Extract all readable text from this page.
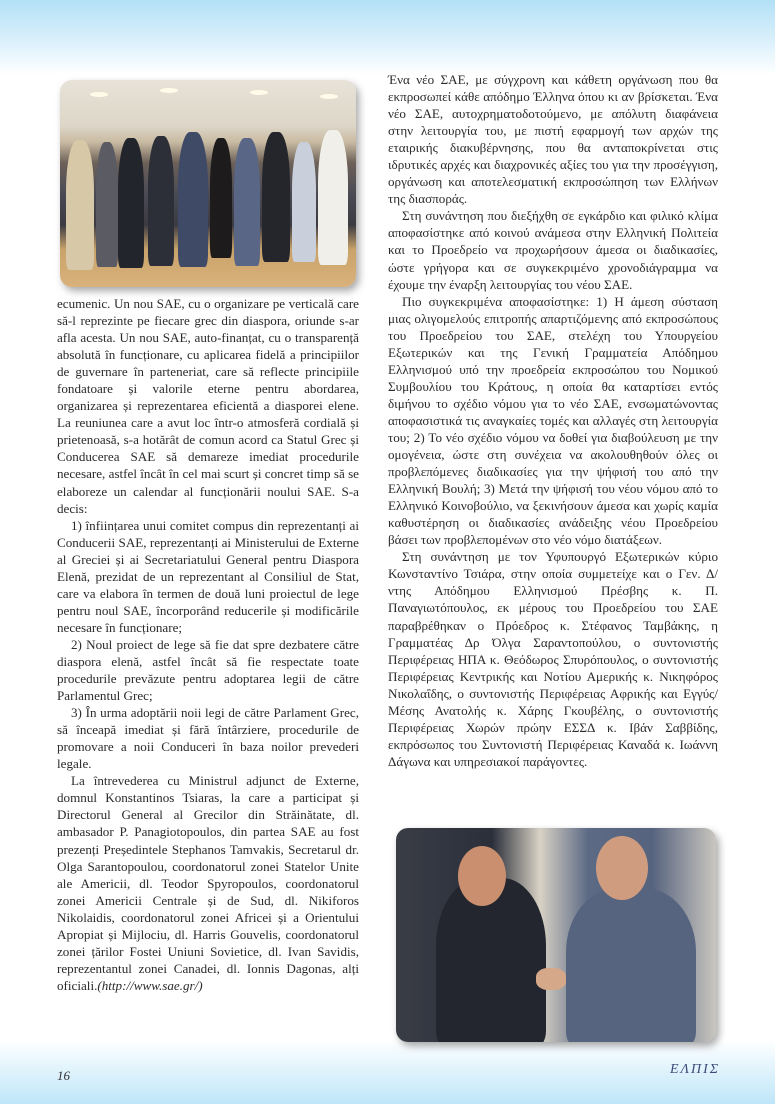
ecumenic. Un nou SAE, cu o organizare pe verticală care să-l reprezinte pe fiecare grec din diaspora, oriunde s-ar afla acesta. Un nou SAE, auto-finanțat, cu o transparență absolută în funcționare, cu aplicarea fidelă a principiilor de guvernare în parteneriat, care să reflecte principiile fondatoare și valorile eterne pentru abordarea, organizarea și reprezentarea eficientă a diasporei elene. La reuniunea care a avut loc într-o atmosferă cordială și prietenoasă, s-a hotărât de comun acord ca Statul Grec și Conducerea SAE să demareze imediat procedurile necesare, astfel încât în cel mai scurt și concret timp să se elaboreze un calendar al funcționării noului SAE. S-a decis:

1) înființarea unui comitet compus din reprezentanți ai Conducerii SAE, reprezentanți ai Ministerului de Externe al Greciei și ai Secretariatului General pentru Diaspora Elenă, prezidat de un reprezentant al Consiliul de Stat, care va elabora în termen de două luni proiectul de lege pentru noul SAE, încorporând reducerile și modificările necesare în funcționare;

2) Noul proiect de lege să fie dat spre dezbatere către diaspora elenă, astfel încât să fie respectate toate procedurile prevăzute pentru adoptarea legii de către Parlamentul Grec;

3) În urma adoptării noii legi de către Parlament Grec, să înceapă imediat și fără întârziere, procedurile de promovare a noii Conduceri în baza noilor prevederi legale.

La întrevederea cu Ministrul adjunct de Externe, domnul Konstantinos Tsiaras, la care a participat și Directorul General al Grecilor din Străinătate, dl. ambasador P. Panagiotopoulos, din partea SAE au fost prezenți Președintele Stephanos Tamvakis, Secretarul dr. Olga Sarantopoulou, coordonatorul zonei Statelor Unite ale Americii, dl. Teodor Spyropoulos, coordonatorul zonei Americii Centrale și de Sud, dl. Nikiforos Nikolaidis, coordonatorul zonei Africei și a Orientului Apropiat și Mijlociu, dl. Harris Gouvelis, coordonatorul zonei țărilor Fostei Uniuni Sovietice, dl. Ivan Savidis, reprezentantul zonei Canadei, dl. Ionnis Dagonas, alți oficiali.(http://www.sae.gr/)

Ένα νέο ΣΑΕ, με σύγχρονη και κάθετη οργάνωση που θα εκπροσωπεί κάθε απόδημο Έλληνα όπου κι αν βρίσκεται. Ένα νέο ΣΑΕ, αυτοχρηματοδοτούμενο, με απόλυτη διαφάνεια στην λειτουργία του, με πιστή εφαρμογή των αρχών της εταιρικής διακυβέρνησης, που θα ανταποκρίνεται στις ιδρυτικές αρχές και διαχρονικές αξίες του για την προσέγγιση, οργάνωση και αποτελεσματική εκπροσώπηση των Ελλήνων της διασποράς.

Στη συνάντηση που διεξήχθη σε εγκάρδιο και φιλικό κλίμα αποφασίστηκε από κοινού ανάμεσα στην Ελληνική Πολιτεία και το Προεδρείο να προχωρήσουν άμεσα οι διαδικασίες, ώστε γρήγορα και σε συγκεκριμένο χρονοδιάγραμμα να έχουμε την έναρξη λειτουργίας του νέου ΣΑΕ.

Πιο συγκεκριμένα αποφασίστηκε: 1) Η άμεση σύσταση μιας ολιγομελούς επιτροπής απαρτιζόμενης από εκπροσώπους του Προεδρείου του ΣΑΕ, στελέχη του Υπουργείου Εξωτερικών και της Γενική Γραμματεία Απόδημου Ελληνισμού υπό την προεδρεία εκπροσώπου του Νομικού Συμβουλίου του Κράτους, η οποία θα καταρτίσει εντός διμήνου το σχέδιο νόμου για το νέο ΣΑΕ, ενσωματώνοντας αποφασιστικά τις αναγκαίες τομές και αλλαγές στη λειτουργία του; 2) Το νέο σχέδιο νόμου να δοθεί για διαβούλευση με την ομογένεια, ώστε στη συνέχεια να ακολουθηθούν όλες οι προβλεπόμενες διαδικασίες για την ψήφισή του από την Ελληνική Βουλή; 3) Μετά την ψήφισή του νέου νόμου από το Ελληνικό Κοινοβούλιο, να ξεκινήσουν άμεσα και χωρίς καμία καθυστέρηση οι διαδικασίες ανάδειξης νέου Προεδρείου βάσει των προβλεπομένων στο νέο νόμο διατάξεων.

Στη συνάντηση με τον Υφυπουργό Εξωτερικών κύριο Κωνσταντίνο Τσιάρα, στην οποία συμμετείχε και ο Γεν. Δ/ντης Απόδημου Ελληνισμού Πρέσβης κ. Π. Παναγιωτόπουλος, εκ μέρους του Προεδρείου του ΣΑΕ παραβρέθηκαν ο Πρόεδρος κ. Στέφανος Ταμβάκης, η Γραμματέας Δρ Όλγα Σαραντοπούλου, ο συντονιστής Περιφέρειας ΗΠΑ κ. Θεόδωρος Σπυρόπουλος, ο συντονιστής Περιφέρειας Κεντρικής και Νοτίου Αμερικής κ. Νικηφόρος Νικολαΐδης, ο συντονιστής Περιφέρειας Αφρικής και Εγγύς/Μέσης Ανατολής κ. Χάρης Γκουβέλης, ο συντονιστής Περιφέρειας Χωρών πρώην ΕΣΣΔ κ. Ιβάν Σαββίδης, εκπρόσωπος του Συντονιστή Περιφέρειας Καναδά κ. Ιωάννη Δάγωνα και υπηρεσιακοί παράγοντες.

16	ΕΛΠΙΣ
